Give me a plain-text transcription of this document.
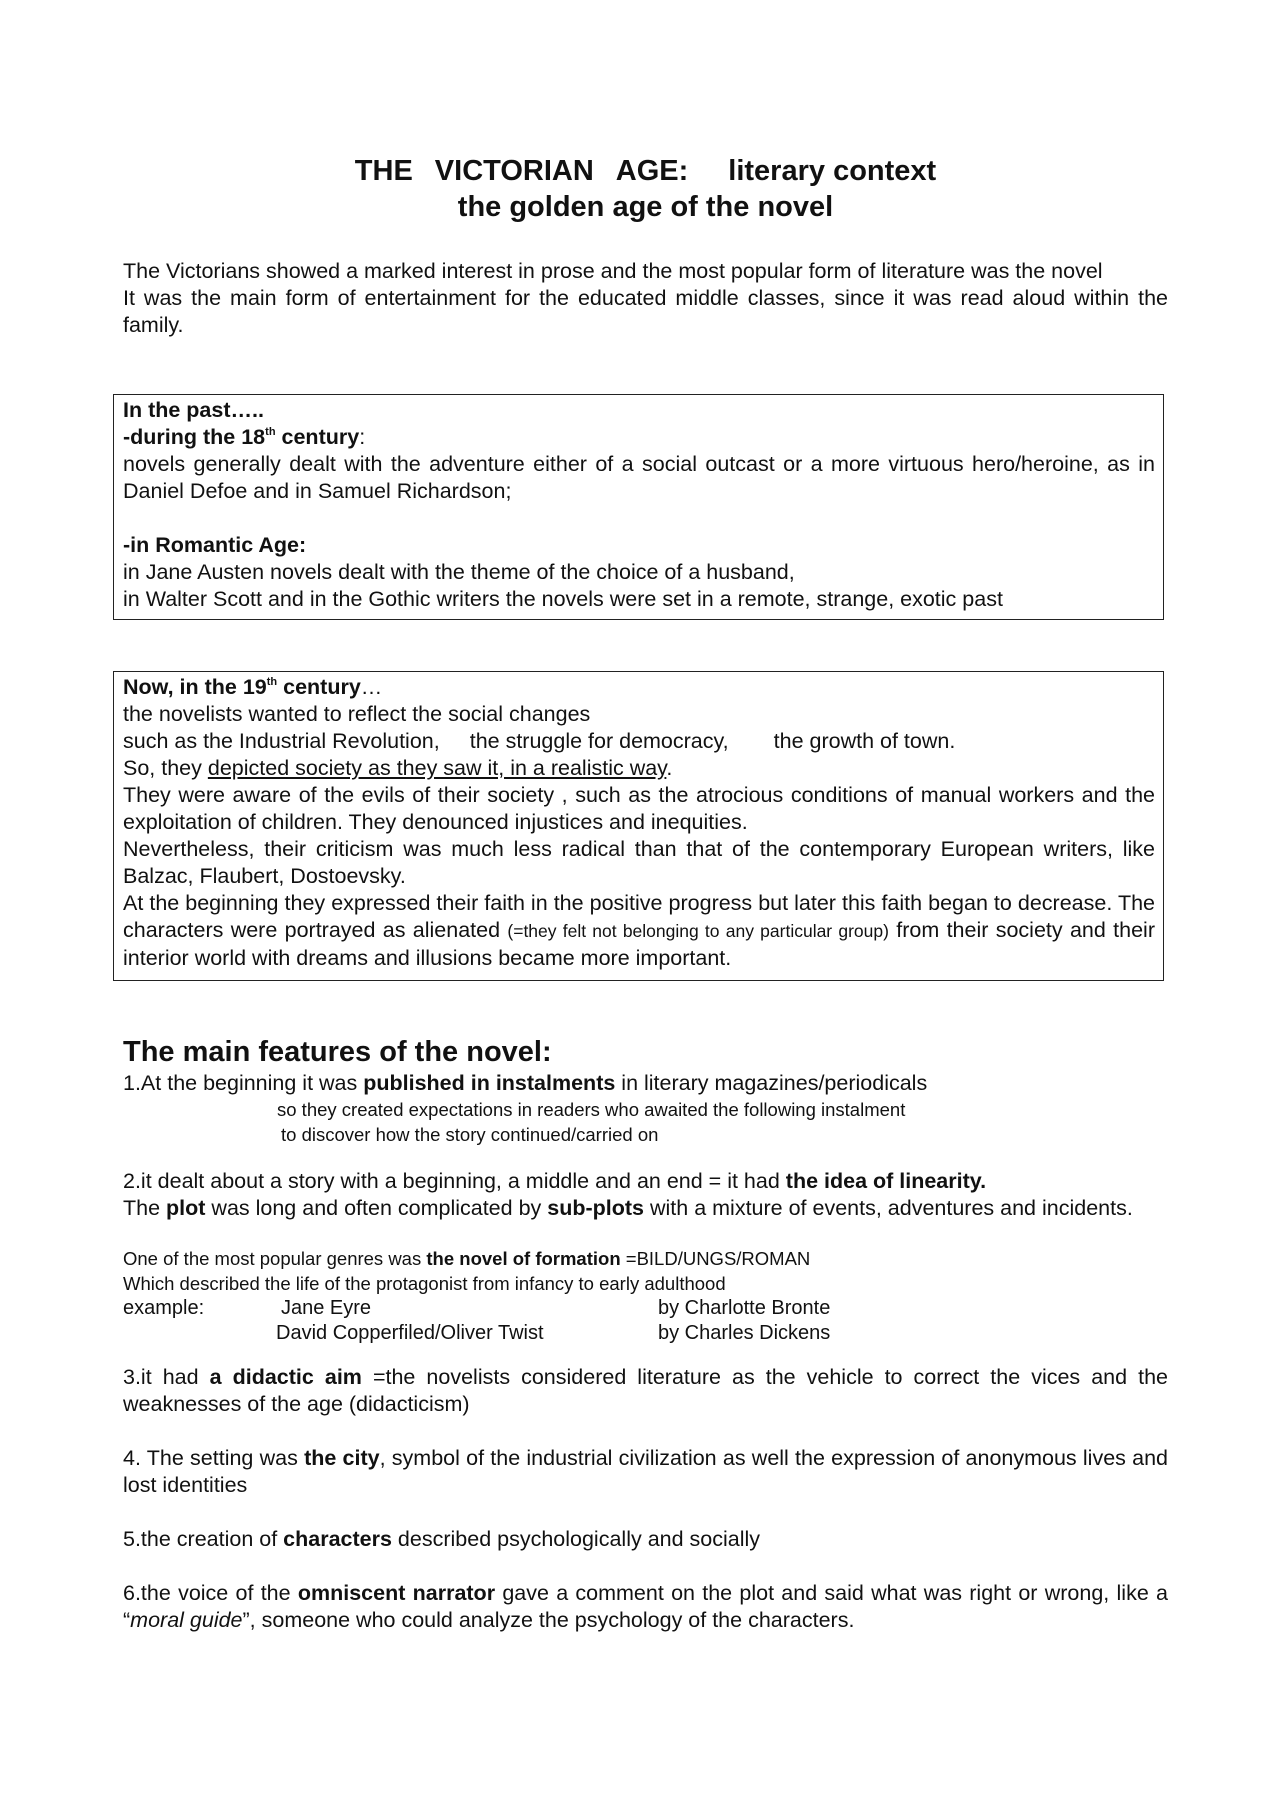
THE VICTORIAN AGE: literary context
the golden age of the novel

The Victorians showed a marked interest in prose and the most popular form of literature was the novel

It was the main form of entertainment for the educated middle classes, since it was read aloud within the family.

In the past…..

-during the 18th century:

novels generally dealt with the adventure either of a social outcast or a more virtuous hero/heroine, as in Daniel Defoe and in Samuel Richardson;

-in Romantic Age:

in Jane Austen novels dealt with the theme of the choice of a husband,

in Walter Scott and in the Gothic writers the novels were set in a remote, strange, exotic past

Now, in the 19th century…

the novelists wanted to reflect the social changes

such as the Industrial Revolution, the struggle for democracy, the growth of town.

So, they depicted society as they saw it, in a realistic way.

They were aware of the evils of their society , such as the atrocious conditions of manual workers and the exploitation of children. They denounced injustices and inequities.

Nevertheless, their criticism was much less radical than that of the contemporary European writers, like Balzac, Flaubert, Dostoevsky.

At the beginning they expressed their faith in the positive progress but later this faith began to decrease. The characters were portrayed as alienated (=they felt not belonging to any particular group) from their society and their interior world with dreams and illusions became more important.

The main features of the novel:

1.At the beginning it was published in instalments in literary magazines/periodicals

so they created expectations in readers who awaited the following instalment

to discover how the story continued/carried on

2.it dealt about a story with a beginning, a middle and an end = it had the idea of linearity.

The plot was long and often complicated by sub-plots with a mixture of events, adventures and incidents.

One of the most popular genres was the novel of formation =BILD/UNGS/ROMAN

Which described the life of the protagonist from infancy to early adulthood

example:	Jane Eyre	by Charlotte Bronte
David Copperfiled/Oliver Twist	by Charles Dickens

3.it had a didactic aim =the novelists considered literature as the vehicle to correct the vices and the weaknesses of the age (didacticism)

4. The setting was the city, symbol of the industrial civilization as well the expression of anonymous lives and lost identities

5.the creation of characters described psychologically and socially

6.the voice of the omniscent narrator gave a comment on the plot and said what was right or wrong, like a “moral guide”, someone who could analyze the psychology of the characters.
